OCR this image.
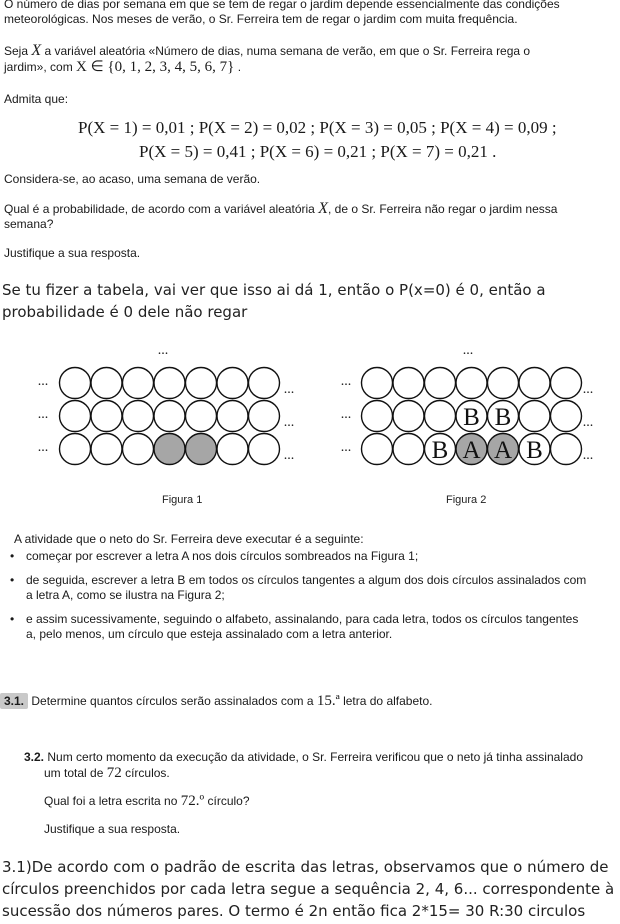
O número de dias por semana em que se tem de regar o jardim depende essencialmente das condições
meteorológicas. Nos meses de verão, o Sr. Ferreira tem de regar o jardim com muita frequência.
Seja X a variável aleatória «Número de dias, numa semana de verão, em que o Sr. Ferreira rega o
jardim», com X ∈ {0, 1, 2, 3, 4, 5, 6, 7} .
Admita que:
P(X = 1) = 0,01 ; P(X = 2) = 0,02 ; P(X = 3) = 0,05 ; P(X = 4) = 0,09 ;
P(X = 5) = 0,41 ; P(X = 6) = 0,21 ; P(X = 7) = 0,21 .
Considera-se, ao acaso, uma semana de verão.
Qual é a probabilidade, de acordo com a variável aleatória X, de o Sr. Ferreira não regar o jardim nessa
semana?
Justifique a sua resposta.
Se tu fizer a tabela, vai ver que isso ai dá 1, então o P(x=0) é 0, então a
probabilidade é 0 dele não regar
...
...
...
...
...
...
...
...
...
...
...
...
B B
...
...
B A A B
Figura 1	Figura 2
A atividade que o neto do Sr. Ferreira deve executar é a seguinte:
• começar por escrever a letra A nos dois círculos sombreados na Figura 1;
• de seguida, escrever a letra B em todos os círculos tangentes a algum dos dois círculos assinalados com
a letra A, como se ilustra na Figura 2;
• e assim sucessivamente, seguindo o alfabeto, assinalando, para cada letra, todos os círculos tangentes
a, pelo menos, um círculo que esteja assinalado com a letra anterior.
3.1. Determine quantos círculos serão assinalados com a 15.ª letra do alfabeto.
3.2. Num certo momento da execução da atividade, o Sr. Ferreira verificou que o neto já tinha assinalado
um total de 72 círculos.
Qual foi a letra escrita no 72.º círculo?
Justifique a sua resposta.
3.1)De acordo com o padrão de escrita das letras, observamos que o número de
círculos preenchidos por cada letra segue a sequência 2, 4, 6... correspondente à
sucessão dos números pares. O termo é 2n então fica 2*15= 30 R:30 circulos
